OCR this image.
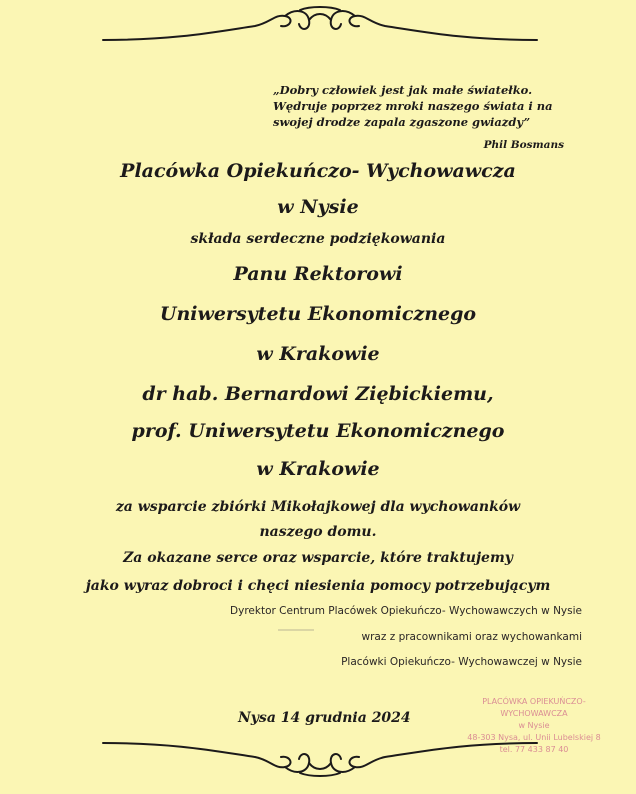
„Dobry człowiek jest jak małe światełko.
Wędruje poprzez mroki naszego świata i na
swojej drodze zapala zgaszone gwiazdy”
Phil Bosmans
Placówka Opiekuńczo- Wychowawcza
w Nysie
składa serdeczne podziękowania
Panu Rektorowi
Uniwersytetu Ekonomicznego
w Krakowie
dr hab. Bernardowi Ziębickiemu,
prof. Uniwersytetu Ekonomicznego
w Krakowie
za wsparcie zbiórki Mikołajkowej dla wychowanków
naszego domu.
Za okazane serce oraz wsparcie, które traktujemy
jako wyraz dobroci i chęci niesienia pomocy potrzebującym
Dyrektor Centrum Placówek Opiekuńczo- Wychowawczych w Nysie
wraz z pracownikami oraz wychowankami
Placówki Opiekuńczo- Wychowawczej w Nysie
Nysa 14 grudnia 2024
PLACÓWKA OPIEKUŃCZO-WYCHOWAWCZA
w Nysie
48-303 Nysa, ul. Unii Lubelskiej 8
tel. 77 433 87 40
